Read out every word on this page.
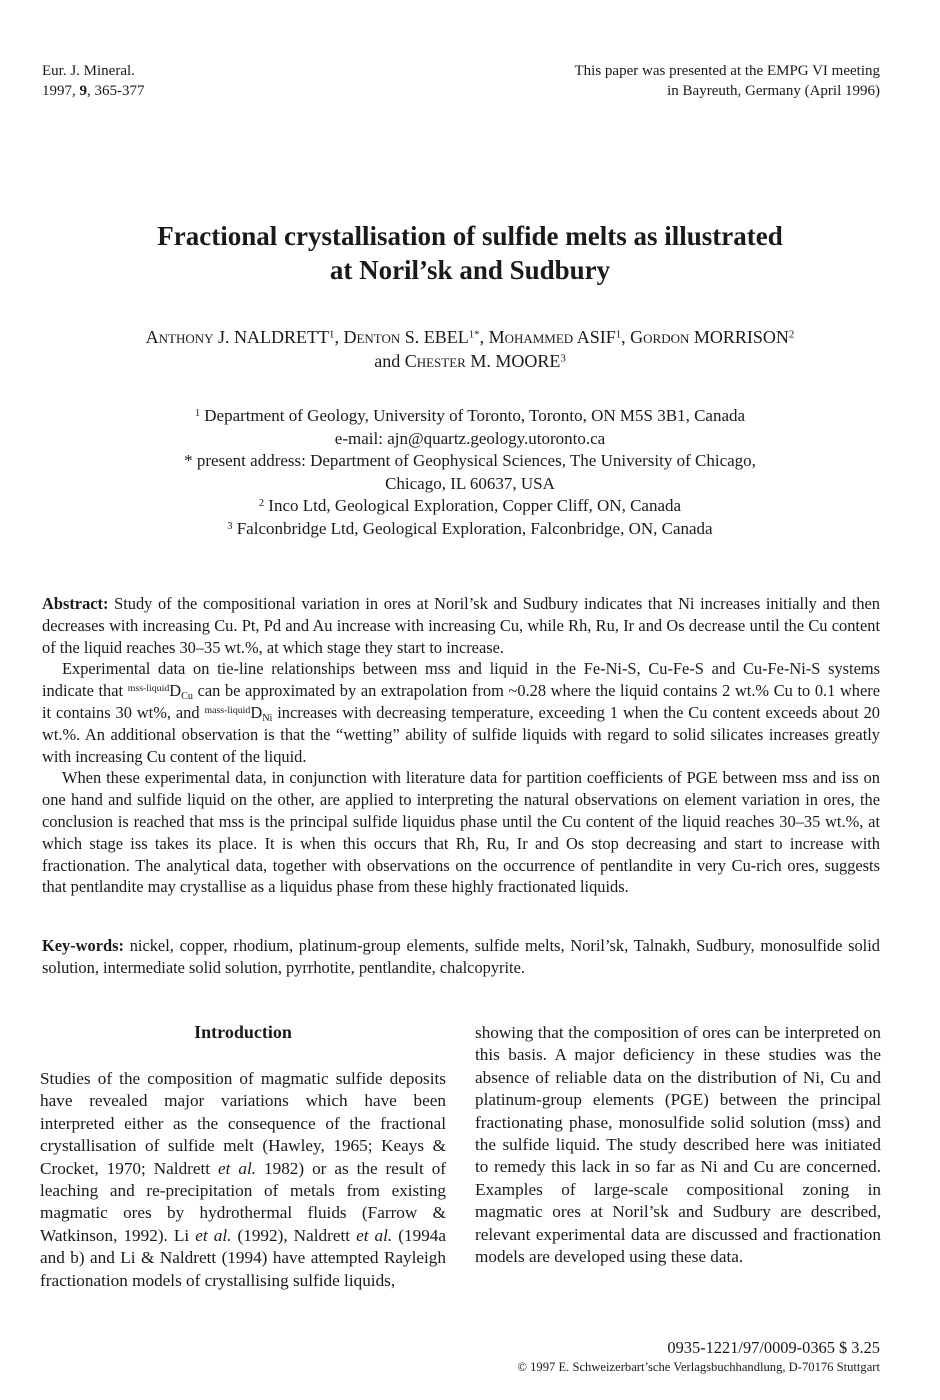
Eur. J. Mineral.
1997, 9, 365-377
This paper was presented at the EMPG VI meeting
in Bayreuth, Germany (April 1996)
Fractional crystallisation of sulfide melts as illustrated
at Noril’sk and Sudbury
Anthony J. NALDRETT$^1$, Denton S. $EBEL^{1*}$, Mohammed ASIF$^1$, Gordon MORRISON$^2$
and Chester M. MOORE$^3$
$^1$ Department of Geology, University of Toronto, Toronto, ON M5S 3B1, Canada
e-mail: ajn@quartz.geology.utoronto.ca
* present address: Department of Geophysical Sciences, The University of Chicago,
Chicago, IL 60637, USA
$^2$ Inco Ltd, Geological Exploration, Copper Cliff, ON, Canada
$^3$ Falconbridge Ltd, Geological Exploration, Falconbridge, ON, Canada

Abstract: Study of the compositional variation in ores at Noril’sk and Sudbury indicates that Ni increases initially and then decreases with increasing Cu. Pt, Pd and Au increase with increasing Cu, while Rh, Ru, Ir and Os decrease until the Cu content of the liquid reaches 30–35 wt.%, at which stage they start to increase.

Experimental data on tie-line relationships between mss and liquid in the Fe-Ni-S, Cu-Fe-S and Cu-Fe-Ni-S systems indicate that $^{mss-liquid}D_{Cu}$ can be approximated by an extrapolation from ~0.28 where the liquid contains 2 wt.% Cu to 0.1 where it contains 30 wt%, and $^{mass-liquid}D_{Ni}$ increases with decreasing temperature, exceeding 1 when the Cu content exceeds about 20 wt.%. An additional observation is that the “wetting” ability of sulfide liquids with regard to solid silicates increases greatly with increasing Cu content of the liquid.

When these experimental data, in conjunction with literature data for partition coefficients of PGE between mss and iss on one hand and sulfide liquid on the other, are applied to interpreting the natural observations on element variation in ores, the conclusion is reached that mss is the principal sulfide liquidus phase until the Cu content of the liquid reaches 30–35 wt.%, at which stage iss takes its place. It is when this occurs that Rh, Ru, Ir and Os stop decreasing and start to increase with fractionation. The analytical data, together with observations on the occurrence of pentlandite in very Cu-rich ores, suggests that pentlandite may crystallise as a liquidus phase from these highly fractionated liquids.

Key-words: nickel, copper, rhodium, platinum-group elements, sulfide melts, Noril’sk, Talnakh, Sudbury, monosulfide solid solution, intermediate solid solution, pyrrhotite, pentlandite, chalcopyrite.

Introduction

Studies of the composition of magmatic sulfide deposits have revealed major variations which have been interpreted either as the consequence of the fractional crystallisation of sulfide melt (Hawley, 1965; Keays & Crocket, 1970; Naldrett et al. 1982) or as the result of leaching and re-precipitation of metals from existing magmatic ores by hydrothermal fluids (Farrow & Watkinson, 1992). Li et al. (1992), Naldrett et al. (1994a and b) and Li & Naldrett (1994) have attempted Rayleigh fractionation models of crystallising sulfide liquids,

showing that the composition of ores can be interpreted on this basis. A major deficiency in these studies was the absence of reliable data on the distribution of Ni, Cu and platinum-group elements (PGE) between the principal fractionating phase, monosulfide solid solution (mss) and the sulfide liquid. The study described here was initiated to remedy this lack in so far as Ni and Cu are concerned. Examples of large-scale compositional zoning in magmatic ores at Noril’sk and Sudbury are described, relevant experimental data are discussed and fractionation models are developed using these data.

0935-1221/97/0009-0365 $ 3.25
© 1997 E. Schweizerbart’sche Verlagsbuchhandlung, D-70176 Stuttgart
